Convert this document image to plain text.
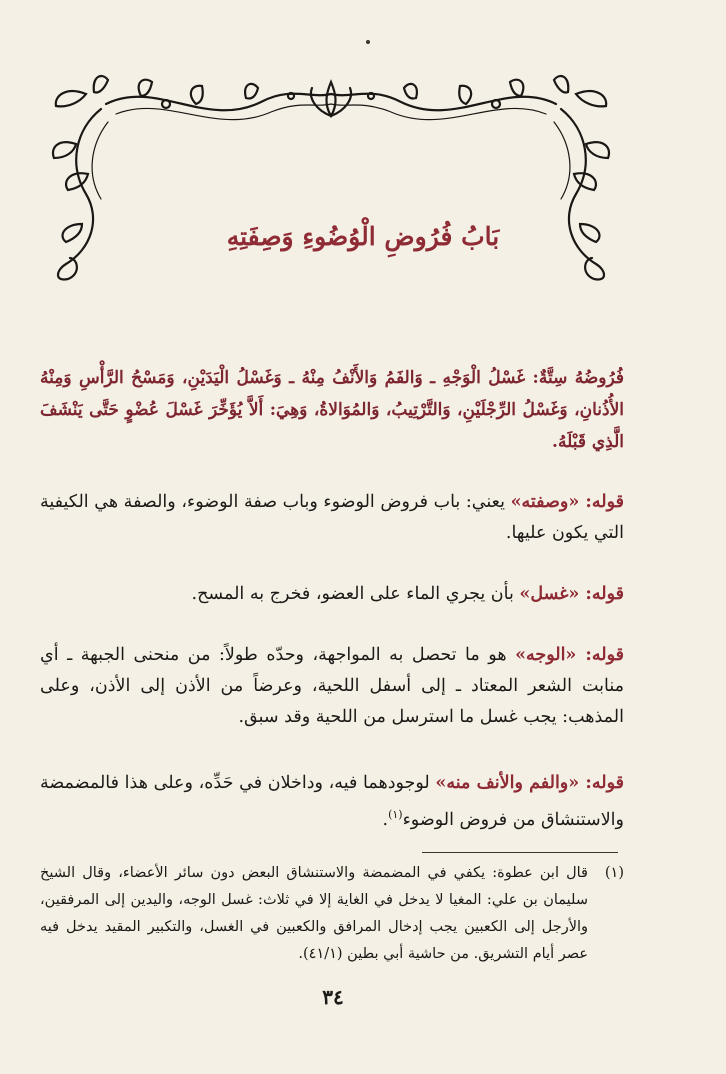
بَابُ فُرُوضِ الْوُضُوءِ وَصِفَتِهِ
فُرُوضُهُ سِتَّةٌ: غَسْلُ الْوَجْهِ ـ وَالفَمُ وَالأَنْفُ مِنْهُ ـ وَغَسْلُ الْيَدَيْنِ، وَمَسْحُ الرَّأْسِ وَمِنْهُ الأُذُنانِ، وَغَسْلُ الرِّجْلَيْنِ، وَالتَّرْتِيبُ، وَالمُوَالاةُ، وَهِيَ: أَلاَّ يُؤَخِّرَ غَسْلَ عُضْوٍ حَتَّى يَنْشَفَ الَّذِي قَبْلَهُ.
قوله: «وصفته» يعني: باب فروض الوضوء وباب صفة الوضوء، والصفة هي الكيفية التي يكون عليها.
قوله: «غسل» بأن يجري الماء على العضو، فخرج به المسح.
قوله: «الوجه» هو ما تحصل به المواجهة، وحدّه طولاً: من منحنى الجبهة ـ أي منابت الشعر المعتاد ـ إلى أسفل اللحية، وعرضاً من الأذن إلى الأذن، وعلى المذهب: يجب غسل ما استرسل من اللحية وقد سبق.
قوله: «والفم والأنف منه» لوجودهما فيه، وداخلان في حَدِّه، وعلى هذا فالمضمضة والاستنشاق من فروض الوضوء$^{(١)}$.
(١)
قال ابن عطوة: يكفي في المضمضة والاستنشاق البعض دون سائر الأعضاء، وقال الشيخ سليمان بن علي: المغيا لا يدخل في الغاية إلا في ثلاث: غسل الوجه، واليدين إلى المرفقين، والأرجل إلى الكعبين يجب إدخال المرافق والكعبين في الغسل، والتكبير المقيد يدخل فيه عصر أيام التشريق. من حاشية أبي بطين (٤١/١).
٣٤
